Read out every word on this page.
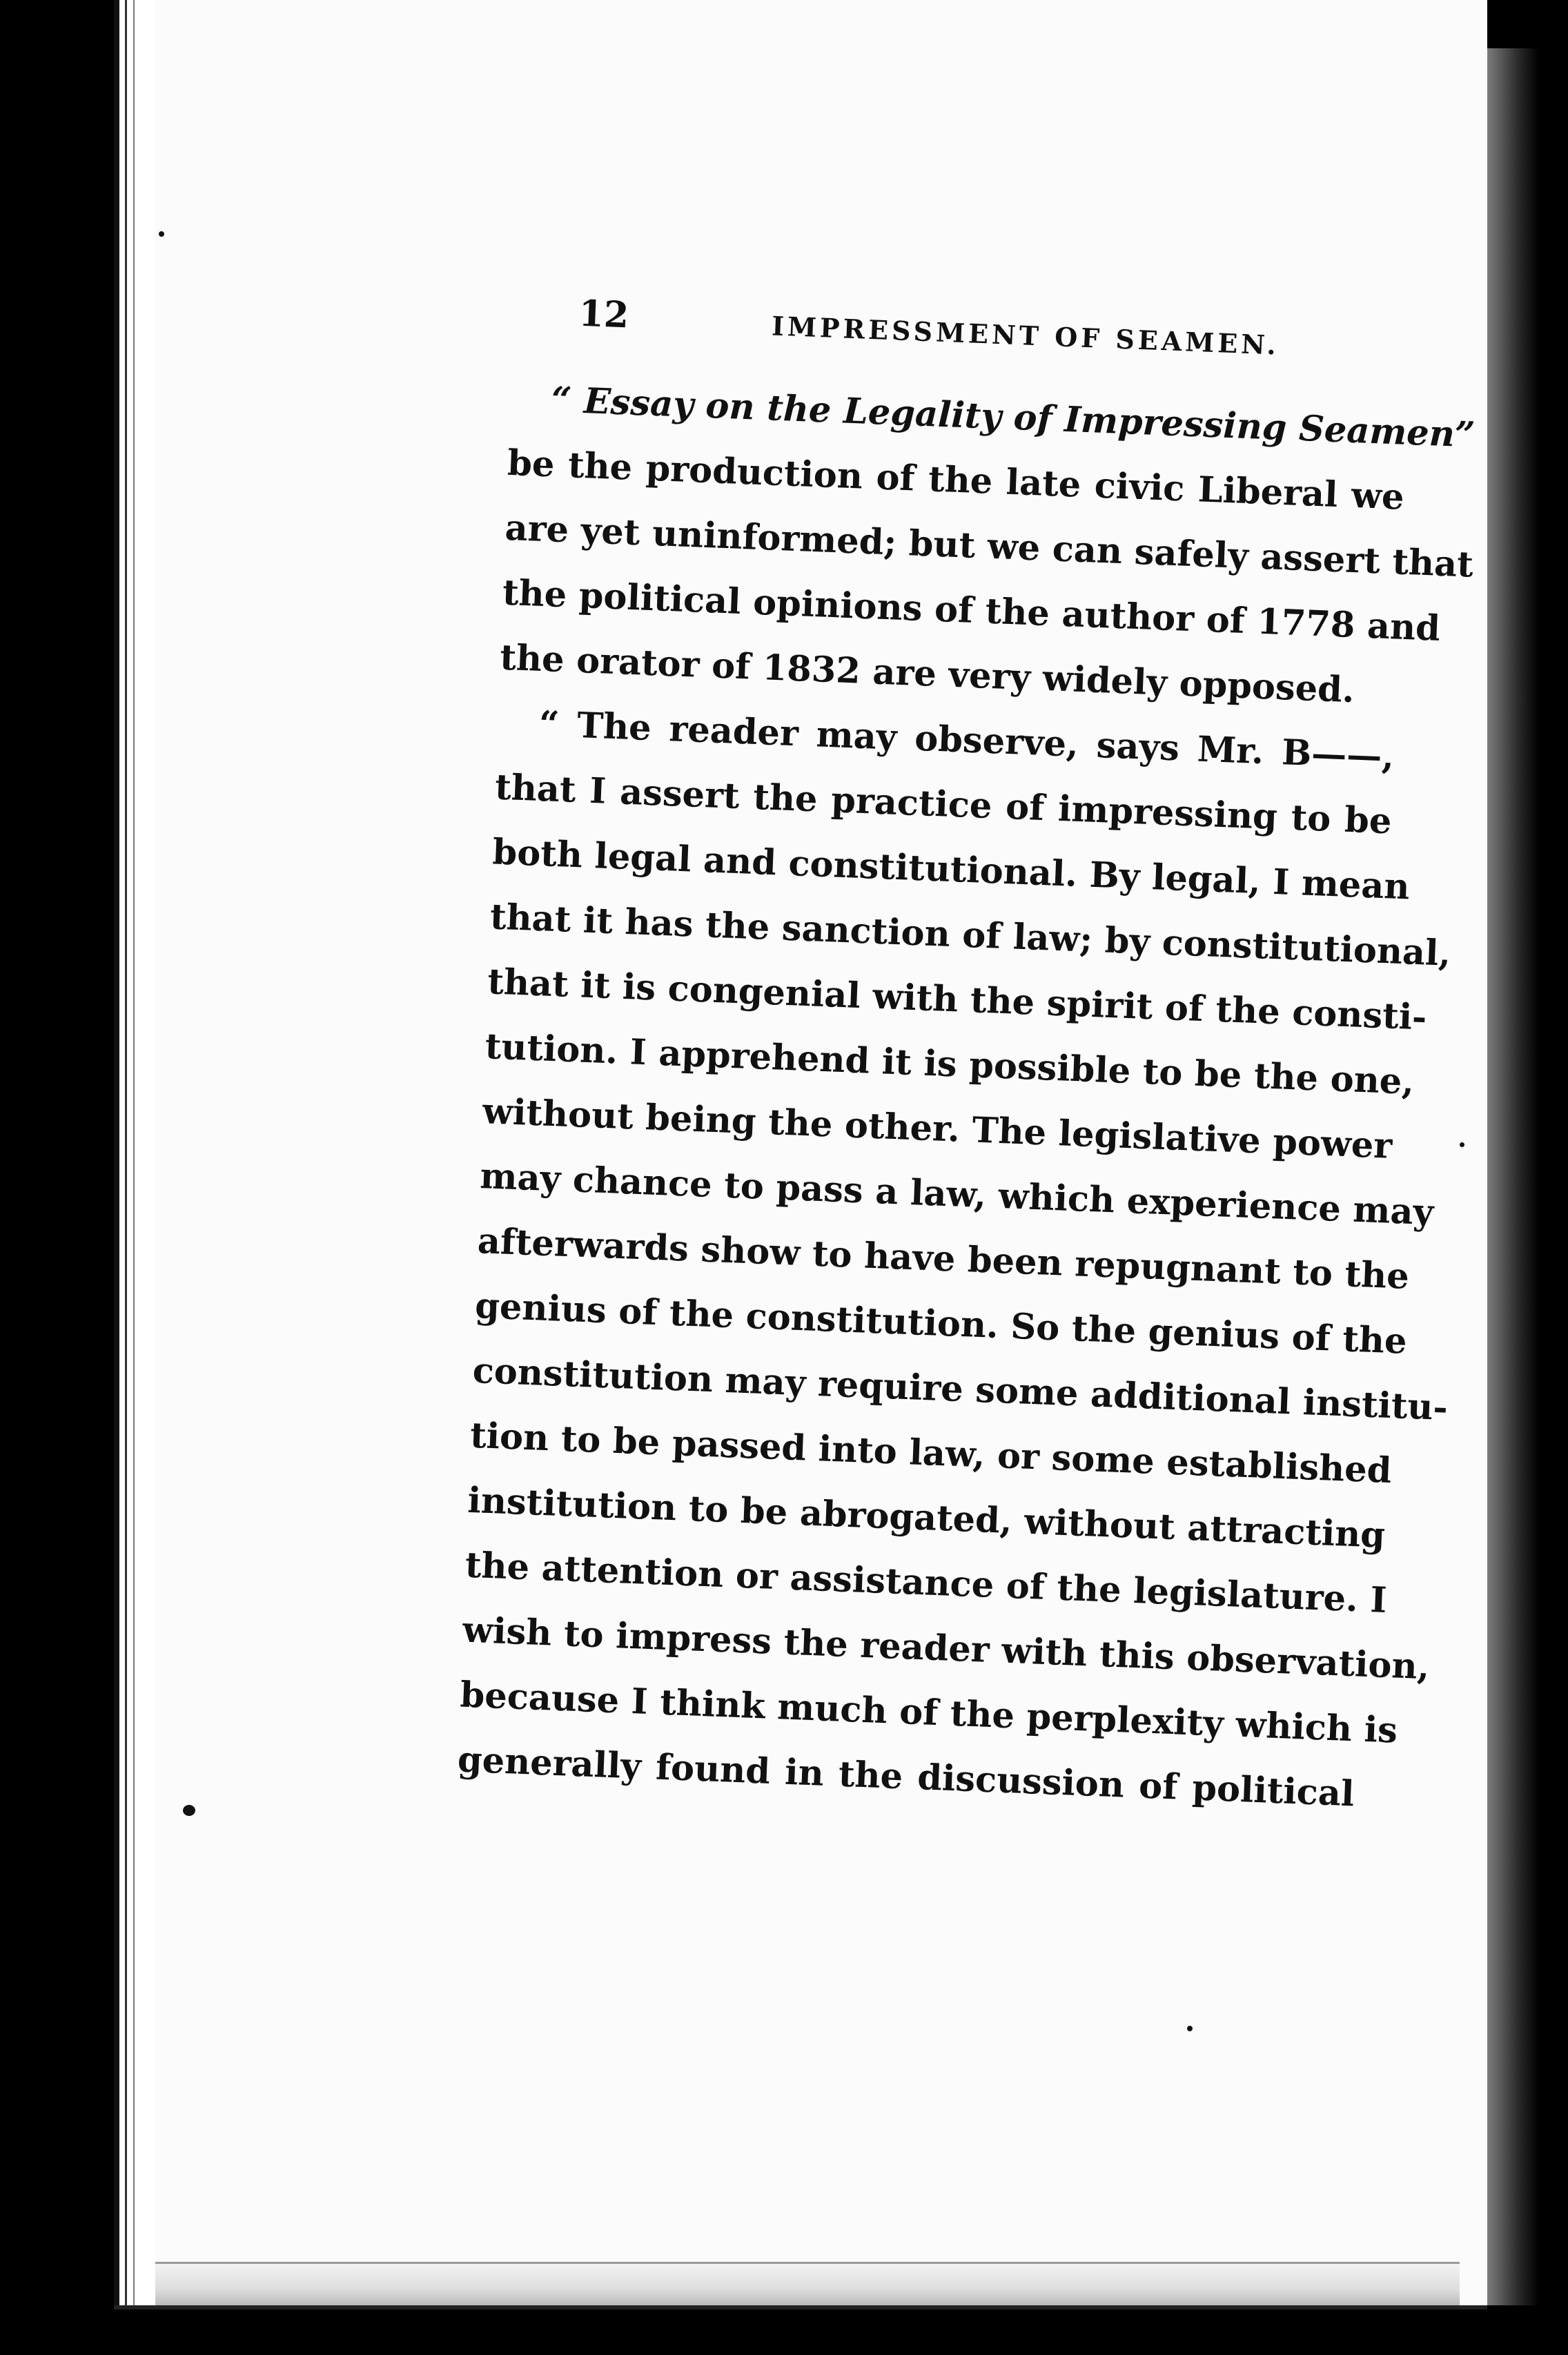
12	IMPRESSMENT OF SEAMEN.
“ Essay on the Legality of Impressing Seamen”
be the production of the late civic Liberal we
are yet uninformed; but we can safely assert that
the political opinions of the author of 1778 and
the orator of 1832 are very widely opposed.
“ The reader may observe, says Mr. B——,
that I assert the practice of impressing to be
both legal and constitutional. By legal, I mean
that it has the sanction of law; by constitutional,
that it is congenial with the spirit of the consti-
tution. I apprehend it is possible to be the one,
without being the other. The legislative power
may chance to pass a law, which experience may
afterwards show to have been repugnant to the
genius of the constitution. So the genius of the
constitution may require some additional institu-
tion to be passed into law, or some established
institution to be abrogated, without attracting
the attention or assistance of the legislature. I
wish to impress the reader with this observation,
because I think much of the perplexity which is
generally found in the discussion of political
